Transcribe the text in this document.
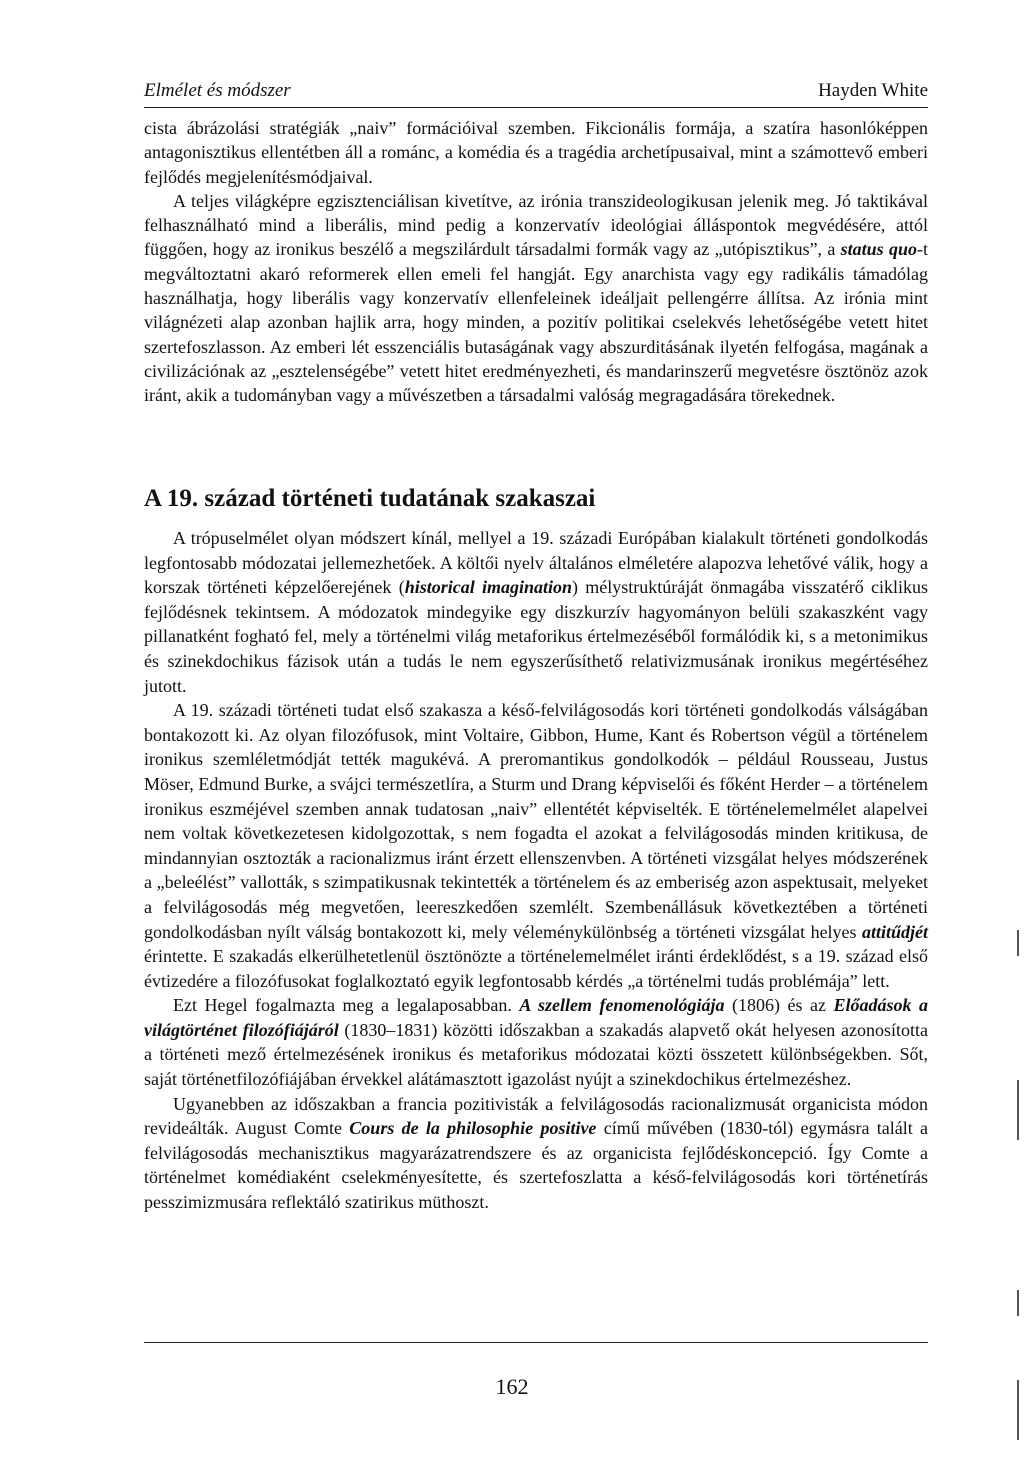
Elmélet és módszer	Hayden White

cista ábrázolási stratégiák „naiv” formációival szemben. Fikcionális formája, a szatíra hasonlóképpen antagonisztikus ellentétben áll a románc, a komédia és a tragédia archetípusaival, mint a számottevő emberi fejlődés megjelenítésmódjaival.

A teljes világképre egzisztenciálisan kivetítve, az irónia transzideologikusan jelenik meg. Jó taktikával felhasználható mind a liberális, mind pedig a konzervatív ideológiai álláspontok megvédésére, attól függően, hogy az ironikus beszélő a megszilárdult társadalmi formák vagy az „utópisztikus”, a status quo-t megváltoztatni akaró reformerek ellen emeli fel hangját. Egy anarchista vagy egy radikális támadólag használhatja, hogy liberális vagy konzervatív ellenfeleinek ideáljait pellengérre állítsa. Az irónia mint világnézeti alap azonban hajlik arra, hogy minden, a pozitív politikai cselekvés lehetőségébe vetett hitet szertefoszlasson. Az emberi lét esszenciális butaságának vagy abszurditásának ilyetén felfogása, magának a civilizációnak az „esztelenségébe” vetett hitet eredményezheti, és mandarinszerű megvetésre ösztönöz azok iránt, akik a tudományban vagy a művészetben a társadalmi valóság megragadására törekednek.

A 19. század történeti tudatának szakaszai

A trópuselmélet olyan módszert kínál, mellyel a 19. századi Európában kialakult történeti gondolkodás legfontosabb módozatai jellemezhetőek. A költői nyelv általános elméletére alapozva lehetővé válik, hogy a korszak történeti képzelőerejének (historical imagination) mélystruktúráját önmagába visszatérő ciklikus fejlődésnek tekintsem. A módozatok mindegyike egy diszkurzív hagyományon belüli szakaszként vagy pillanatként fogható fel, mely a történelmi világ metaforikus értelmezéséből formálódik ki, s a metonimikus és szinekdochikus fázisok után a tudás le nem egyszerűsíthető relativizmusának ironikus megértéséhez jutott.

A 19. századi történeti tudat első szakasza a késő-felvilágosodás kori történeti gondolkodás válságában bontakozott ki. Az olyan filozófusok, mint Voltaire, Gibbon, Hume, Kant és Robertson végül a történelem ironikus szemléletmódját tették magukévá. A preromantikus gondolkodók – például Rousseau, Justus Möser, Edmund Burke, a svájci természetlíra, a Sturm und Drang képviselői és főként Herder – a történelem ironikus eszméjével szemben annak tudatosan „naiv” ellentétét képviselték. E történelemelmélet alapelvei nem voltak következetesen kidolgozottak, s nem fogadta el azokat a felvilágosodás minden kritikusa, de mindannyian osztozták a racionalizmus iránt érzett ellenszenvben. A történeti vizsgálat helyes módszerének a „beleélést” vallották, s szimpatikusnak tekintették a történelem és az emberiség azon aspektusait, melyeket a felvilágosodás még megvetően, leereszkedően szemlélt. Szembenállásuk következtében a történeti gondolkodásban nyílt válság bontakozott ki, mely véleménykülönbség a történeti vizsgálat helyes attitűdjét érintette. E szakadás elkerülhetetlenül ösztönözte a történelemelmélet iránti érdeklődést, s a 19. század első évtizedére a filozófusokat foglalkoztató egyik legfontosabb kérdés „a történelmi tudás problémája” lett.

Ezt Hegel fogalmazta meg a legalaposabban. A szellem fenomenológiája (1806) és az Előadások a világtörténet filozófiájáról (1830–1831) közötti időszakban a szakadás alapvető okát helyesen azonosította a történeti mező értelmezésének ironikus és metaforikus módozatai közti összetett különbségekben. Sőt, saját történetfilozófiájában érvekkel alátámasztott igazolást nyújt a szinekdochikus értelmezéshez.

Ugyanebben az időszakban a francia pozitivisták a felvilágosodás racionalizmusát organicista módon revideálták. August Comte Cours de la philosophie positive című művében (1830-tól) egymásra talált a felvilágosodás mechanisztikus magyarázatrendszere és az organicista fejlődéskoncepció. Így Comte a történelmet komédiaként cselekményesítette, és szertefoszlatta a késő-felvilágosodás kori történetírás pesszimizmusára reflektáló szatirikus müthoszt.

162
